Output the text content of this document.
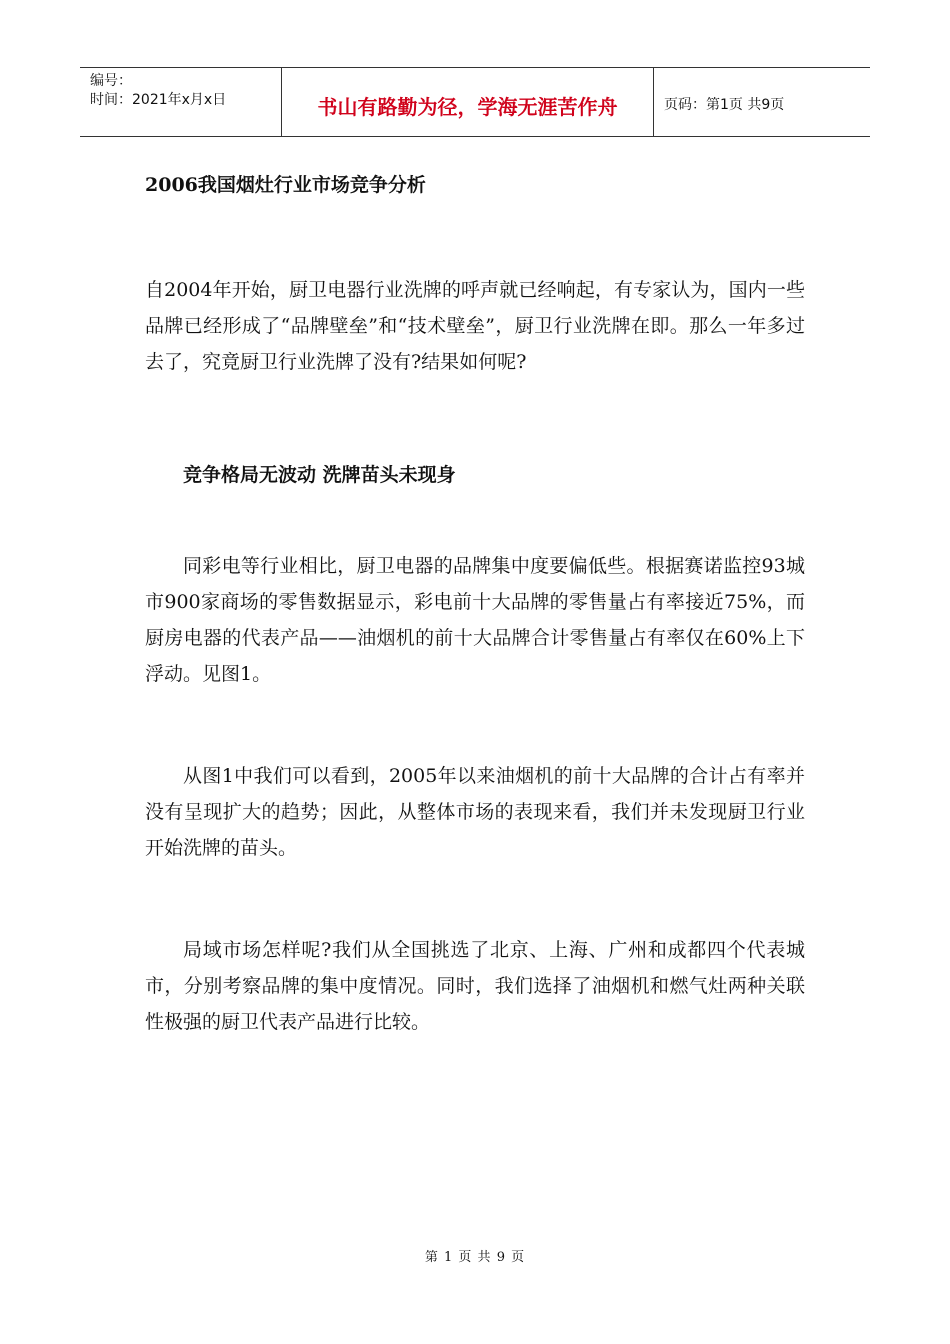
编号：
时间：2021年x月x日	书山有路勤为径，学海无涯苦作舟	页码：第1页 共9页

2006我国烟灶行业市场竞争分析

自2004年开始，厨卫电器行业洗牌的呼声就已经响起，有专家认为，国内一些品牌已经形成了“品牌壁垒”和“技术壁垒”，厨卫行业洗牌在即。那么一年多过去了，究竟厨卫行业洗牌了没有?结果如何呢?

竞争格局无波动 洗牌苗头未现身

同彩电等行业相比，厨卫电器的品牌集中度要偏低些。根据赛诺监控93城市900家商场的零售数据显示，彩电前十大品牌的零售量占有率接近75%，而厨房电器的代表产品——油烟机的前十大品牌合计零售量占有率仅在60%上下浮动。见图1。

从图1中我们可以看到，2005年以来油烟机的前十大品牌的合计占有率并没有呈现扩大的趋势；因此，从整体市场的表现来看，我们并未发现厨卫行业开始洗牌的苗头。

局域市场怎样呢?我们从全国挑选了北京、上海、广州和成都四个代表城市，分别考察品牌的集中度情况。同时，我们选择了油烟机和燃气灶两种关联性极强的厨卫代表产品进行比较。

第 1 页 共 9 页
